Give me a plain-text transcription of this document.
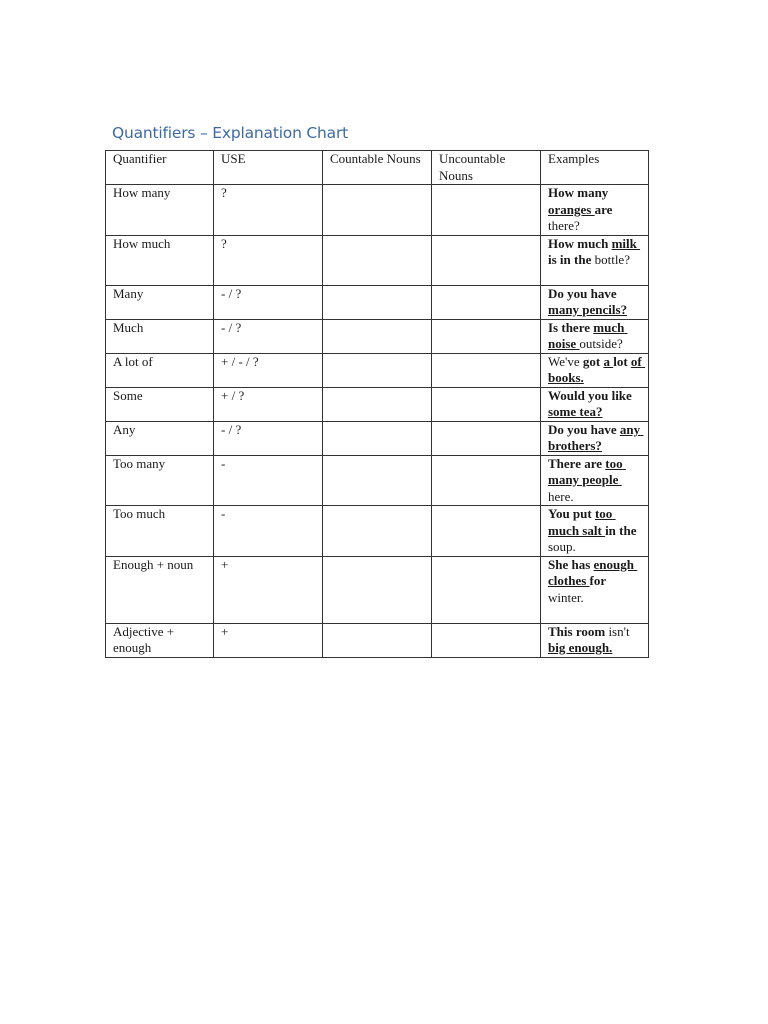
Quantifiers – Explanation Chart
Quantifier	USE	Countable Nouns	Uncountable Nouns	Examples
How many	?			How many oranges are there?
How much	?			How much milk is in the bottle?
Many	- / ?			Do you have many pencils?
Much	- / ?			Is there much noise outside?
A lot of	+ / - / ?			We've got a lot of books.
Some	+ / ?			Would you like some tea?
Any	- / ?			Do you have any brothers?
Too many	-			There are too many people here.
Too much	-			You put too much salt in the soup.
Enough + noun	+			She has enough clothes for winter.
Adjective + enough	+			This room isn't big enough.
